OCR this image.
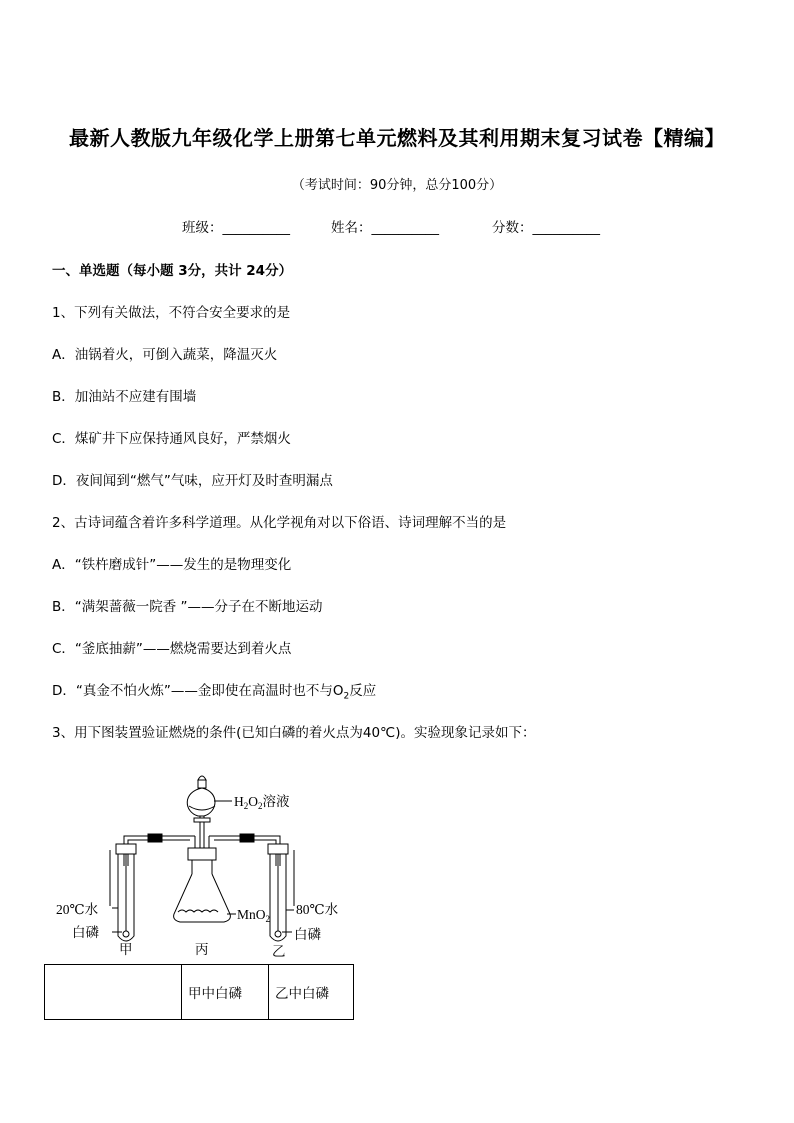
最新人教版九年级化学上册第七单元燃料及其利用期末复习试卷【精编】
（考试时间：90分钟，总分100分）
班级：__________	姓名：__________	分数：__________
一、单选题（每小题 3分，共计 24分）
1、下列有关做法，不符合安全要求的是
A．油锅着火，可倒入蔬菜，降温灭火
B．加油站不应建有围墙
C．煤矿井下应保持通风良好，严禁烟火
D．夜间闻到“燃气”气味，应开灯及时查明漏点
2、古诗词蕴含着许多科学道理。从化学视角对以下俗语、诗词理解不当的是
A．“铁杵磨成针”——发生的是物理变化
B．“满架蔷薇一院香 ”——分子在不断地运动
C．“釜底抽薪”——燃烧需要达到着火点
D．“真金不怕火炼”——金即使在高温时也不与$O_2$反应
3、用下图装置验证燃烧的条件(已知白磷的着火点为40℃)。实验现象记录如下：
$H_2O_2$溶液
MnO$_2$
20℃水
白磷
80℃水
白磷
甲	丙	乙
	甲中白磷	乙中白磷
